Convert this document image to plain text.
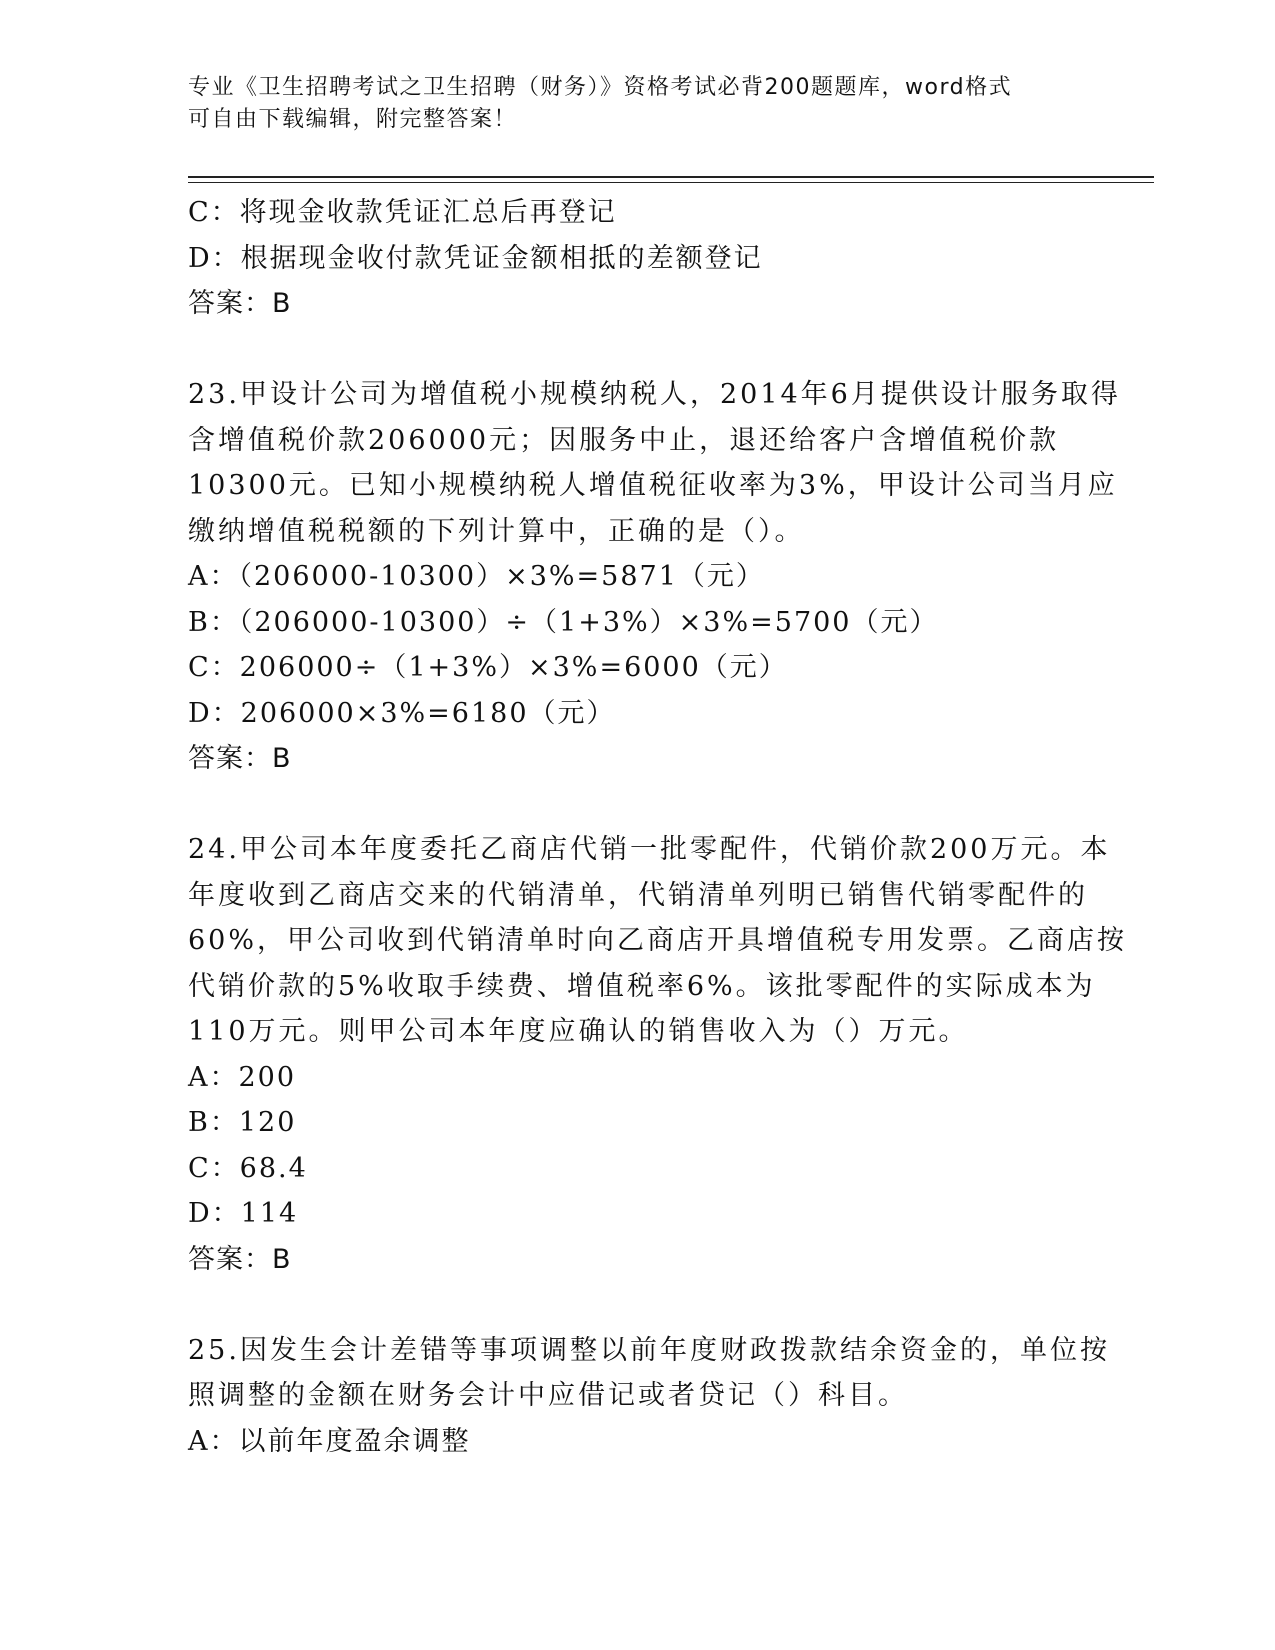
专业《卫生招聘考试之卫生招聘（财务）》资格考试必背200题题库，word格式
可自由下载编辑，附完整答案！
C：将现金收款凭证汇总后再登记
D：根据现金收付款凭证金额相抵的差额登记
答案：B
23.甲设计公司为增值税小规模纳税人，2014年6月提供设计服务取得
含增值税价款206000元；因服务中止，退还给客户含增值税价款
10300元。已知小规模纳税人增值税征收率为3%，甲设计公司当月应
缴纳增值税税额的下列计算中，正确的是（）。
A：（206000-10300）×3%=5871（元）
B：（206000-10300）÷（1+3%）×3%=5700（元）
C：206000÷（1+3%）×3%=6000（元）
D：206000×3%=6180（元）
答案：B
24.甲公司本年度委托乙商店代销一批零配件，代销价款200万元。本
年度收到乙商店交来的代销清单，代销清单列明已销售代销零配件的
60%，甲公司收到代销清单时向乙商店开具增值税专用发票。乙商店按
代销价款的5%收取手续费、增值税率6%。该批零配件的实际成本为
110万元。则甲公司本年度应确认的销售收入为（）万元。
A：200
B：120
C：68.4
D：114
答案：B
25.因发生会计差错等事项调整以前年度财政拨款结余资金的，单位按
照调整的金额在财务会计中应借记或者贷记（）科目。
A：以前年度盈余调整
